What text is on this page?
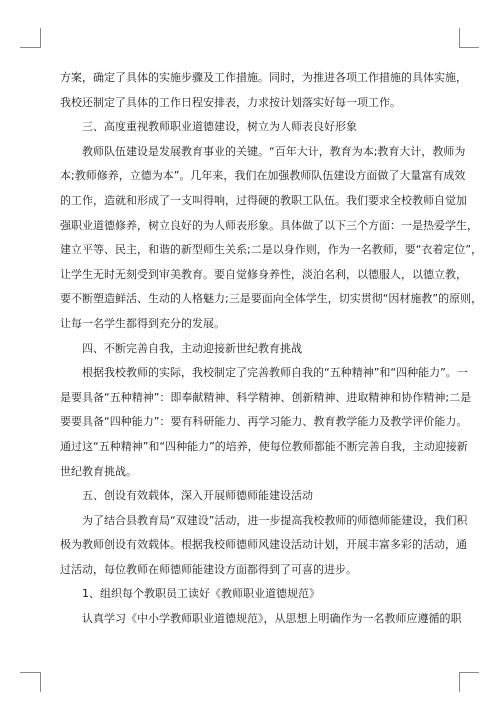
方案，确定了具体的实施步骤及工作措施。同时，为推进各项工作措施的具体实施，
我校还制定了具体的工作日程安排表，力求按计划落实好每一项工作。
三、高度重视教师职业道德建设，树立为人师表良好形象
教师队伍建设是发展教育事业的关键。“百年大计，教育为本;教育大计，教师为
本;教师修养，立德为本”。几年来，我们在加强教师队伍建设方面做了大量富有成效
的工作，造就和形成了一支叫得响，过得硬的教职工队伍。我们要求全校教师自觉加
强职业道德修养，树立良好的为人师表形象。具体做了以下三个方面：一是热爱学生，
建立平等、民主，和谐的新型师生关系;二是以身作则，作为一名教师，要“衣着定位”，
让学生无时无刻受到审美教育。要自觉修身养性，淡泊名利，以德服人，以德立教，
要不断塑造鲜活、生动的人格魅力;三是要面向全体学生，切实贯彻“因材施教”的原则，
让每一名学生都得到充分的发展。
四、不断完善自我，主动迎接新世纪教育挑战
根据我校教师的实际，我校制定了完善教师自我的“五种精神”和“四种能力”。一
是要具备“五种精神”：即奉献精神、科学精神、创新精神、进取精神和协作精神;二是
要要具备“四种能力”：要有科研能力、再学习能力、教育教学能力及教学评价能力。
通过这“五种精神”和“四种能力”的培养，使每位教师都能不断完善自我，主动迎接新
世纪教育挑战。
五、创设有效载体，深入开展师德师能建设活动
为了结合县教育局“双建设”活动，进一步提高我校教师的师德师能建设，我们积
极为教师创设有效载体。根据我校师德师风建设活动计划，开展丰富多彩的活动，通
过活动，每位教师在师德师能建设方面都得到了可喜的进步。
1、组织每个教职员工读好《教师职业道德规范》
认真学习《中小学教师职业道德规范》，从思想上明确作为一名教师应遵循的职
